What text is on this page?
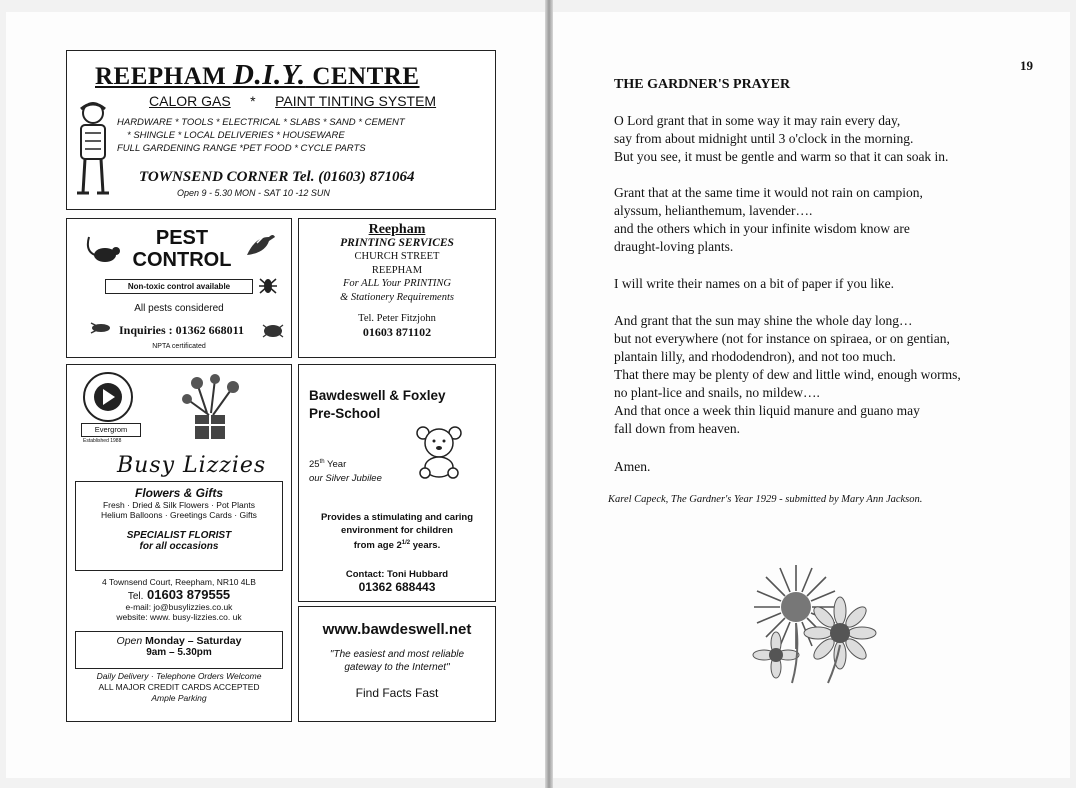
REEPHAM D.I.Y. CENTRE
CALOR GAS * PAINT TINTING SYSTEM
HARDWARE * TOOLS * ELECTRICAL * SLABS * SAND * CEMENT
* SHINGLE * LOCAL DELIVERIES * HOUSEWARE
FULL GARDENING RANGE *PET FOOD * CYCLE PARTS
TOWNSEND CORNER Tel. (01603) 871064
Open 9 - 5.30 MON - SAT 10 -12 SUN
PEST
CONTROL
Non-toxic control available
All pests considered
Inquiries : 01362 668011
NPTA certificated
Reepham
PRINTING SERVICES
CHURCH STREET
REEPHAM
For ALL Your PRINTING
& Stationery Requirements
Tel. Peter Fitzjohn
01603 871102
Evergrom
Established 1988
Busy Lizzies
Flowers & Gifts
Fresh · Dried & Silk Flowers · Pot Plants
Helium Balloons · Greetings Cards · Gifts
SPECIALIST FLORIST
for all occasions
4 Townsend Court, Reepham, NR10 4LB
Tel. 01603 879555
e-mail: jo@busylizzies.co.uk
website: www. busy-lizzies.co. uk
Open Monday – Saturday
9am – 5.30pm
Daily Delivery · Telephone Orders Welcome
ALL MAJOR CREDIT CARDS ACCEPTED
Ample Parking
Bawdeswell & Foxley
Pre-School
25th Year
our Silver Jubilee
Provides a stimulating and caring
environment for children
from age $2^{1/2}$ years.
Contact: Toni Hubbard
01362 688443
www.bawdeswell.net
"The easiest and most reliable
gateway to the Internet"
Find Facts Fast
19
THE GARDNER'S PRAYER
O Lord grant that in some way it may rain every day,
say from about midnight until 3 o'clock in the morning.
But you see, it must be gentle and warm so that it can soak in.
Grant that at the same time it would not rain on campion,
alyssum, helianthemum, lavender….
and the others which in your infinite wisdom know are
draught-loving plants.
I will write their names on a bit of paper if you like.
And grant that the sun may shine the whole day long…
but not everywhere (not for instance on spiraea, or on gentian,
plantain lilly, and rhododendron), and not too much.
That there may be plenty of dew and little wind, enough worms,
no plant-lice and snails, no mildew….
And that once a week thin liquid manure and guano may
fall down from heaven.
Amen.
Karel Capeck, The Gardner's Year 1929 - submitted by Mary Ann Jackson.
